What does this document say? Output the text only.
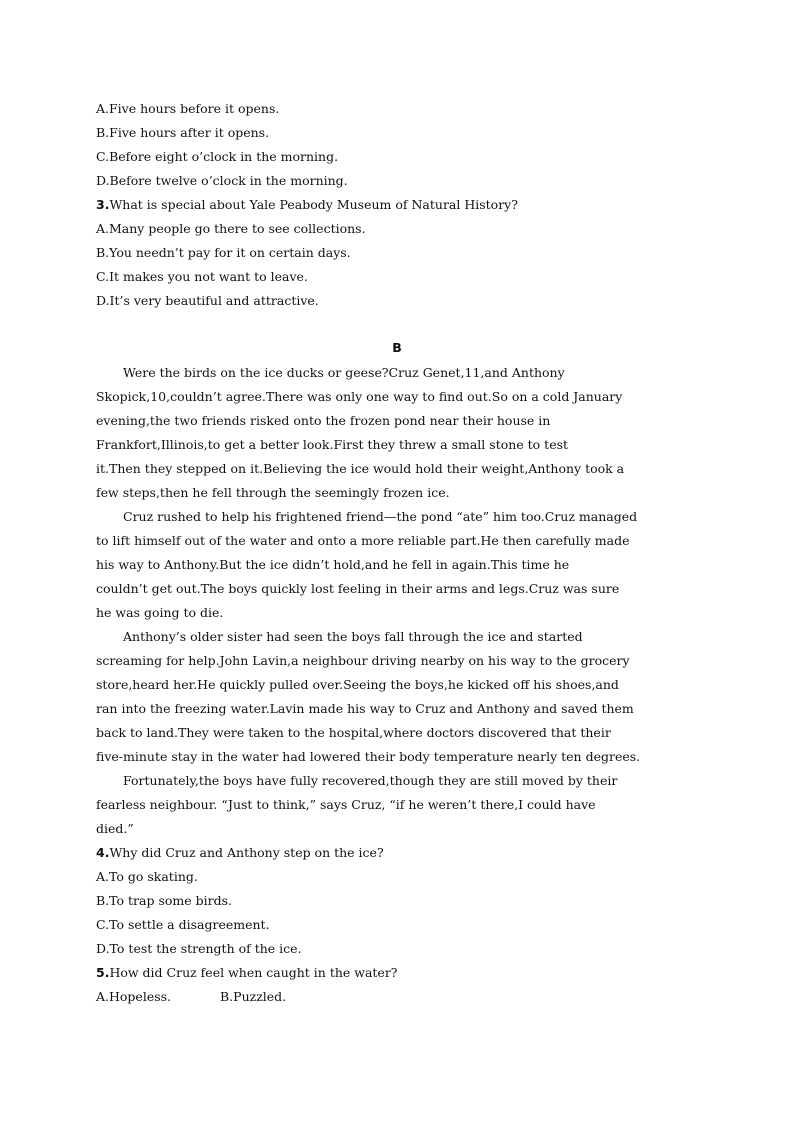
A.Five hours before it opens.
B.Five hours after it opens.
C.Before eight o’clock in the morning.
D.Before twelve o’clock in the morning.
3.What is special about Yale Peabody Museum of Natural History?
A.Many people go there to see collections.
B.You needn’t pay for it on certain days.
C.It makes you not want to leave.
D.It’s very beautiful and attractive.
B
Were the birds on the ice ducks or geese?Cruz Genet,11,and Anthony
Skopick,10,couldn’t agree.There was only one way to find out.So on a cold January
evening,the two friends risked onto the frozen pond near their house in
Frankfort,Illinois,to get a better look.First they threw a small stone to test
it.Then they stepped on it.Believing the ice would hold their weight,Anthony took a
few steps,then he fell through the seemingly frozen ice.
Cruz rushed to help his frightened friend—the pond “ate” him too.Cruz managed
to lift himself out of the water and onto a more reliable part.He then carefully made
his way to Anthony.But the ice didn’t hold,and he fell in again.This time he
couldn’t get out.The boys quickly lost feeling in their arms and legs.Cruz was sure
he was going to die.
Anthony’s older sister had seen the boys fall through the ice and started
screaming for help.John Lavin,a neighbour driving nearby on his way to the grocery
store,heard her.He quickly pulled over.Seeing the boys,he kicked off his shoes,and
ran into the freezing water.Lavin made his way to Cruz and Anthony and saved them
back to land.They were taken to the hospital,where doctors discovered that their
five-minute stay in the water had lowered their body temperature nearly ten degrees.
Fortunately,the boys have fully recovered,though they are still moved by their
fearless neighbour. “Just to think,” says Cruz, “if he weren’t there,I could have
died.”
4.Why did Cruz and Anthony step on the ice?
A.To go skating.
B.To trap some birds.
C.To settle a disagreement.
D.To test the strength of the ice.
5.How did Cruz feel when caught in the water?
A.Hopeless.	B.Puzzled.
